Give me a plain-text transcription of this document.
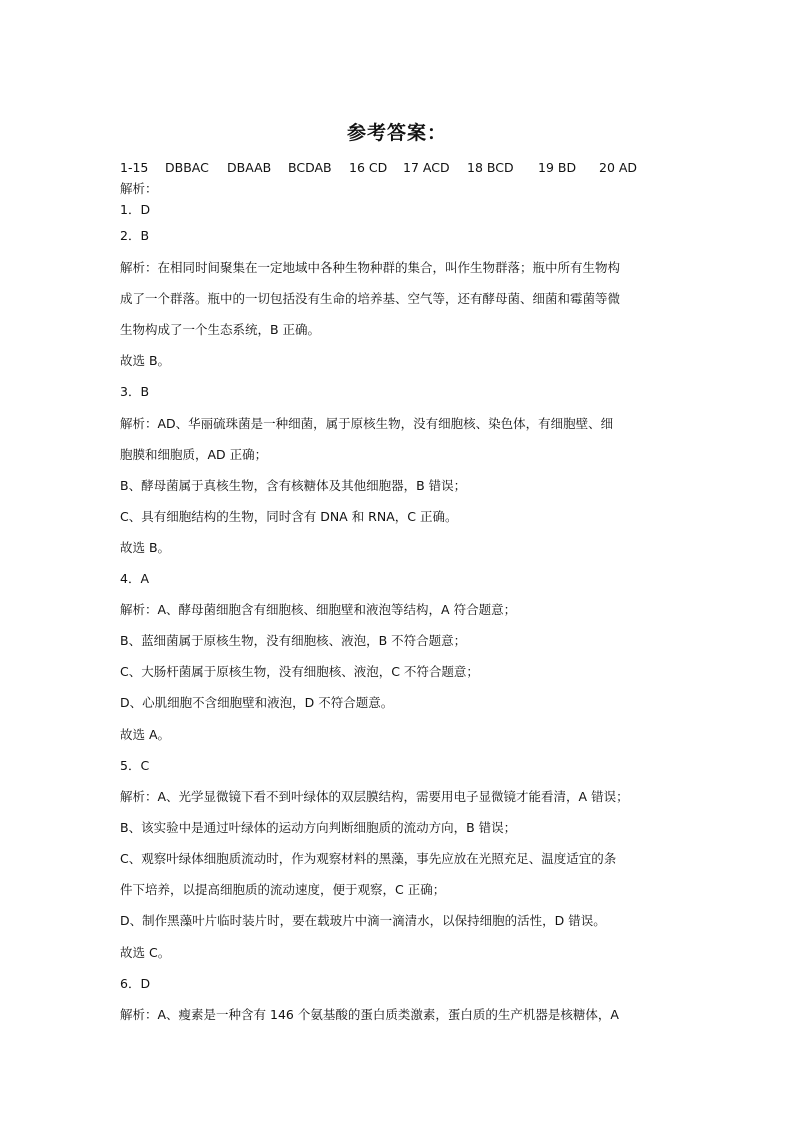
参考答案：
1-15 DBBAC DBAAB BCDAB 16 CD 17 ACD 18 BCD 19 BD 20 AD
解析：
1．D
2．B
解析：在相同时间聚集在一定地域中各种生物种群的集合，叫作生物群落；瓶中所有生物构
成了一个群落。瓶中的一切包括没有生命的培养基、空气等，还有酵母菌、细菌和霉菌等微
生物构成了一个生态系统，B 正确。
故选 B。
3．B
解析：AD、华丽硫珠菌是一种细菌，属于原核生物，没有细胞核、染色体，有细胞壁、细
胞膜和细胞质，AD 正确；
B、酵母菌属于真核生物，含有核糖体及其他细胞器，B 错误；
C、具有细胞结构的生物，同时含有 DNA 和 RNA，C 正确。
故选 B。
4．A
解析：A、酵母菌细胞含有细胞核、细胞壁和液泡等结构，A 符合题意；
B、蓝细菌属于原核生物，没有细胞核、液泡，B 不符合题意；
C、大肠杆菌属于原核生物，没有细胞核、液泡，C 不符合题意；
D、心肌细胞不含细胞壁和液泡，D 不符合题意。
故选 A。
5．C
解析：A、光学显微镜下看不到叶绿体的双层膜结构，需要用电子显微镜才能看清，A 错误；
B、该实验中是通过叶绿体的运动方向判断细胞质的流动方向，B 错误；
C、观察叶绿体细胞质流动时，作为观察材料的黑藻，事先应放在光照充足、温度适宜的条
件下培养，以提高细胞质的流动速度，便于观察，C 正确；
D、制作黑藻叶片临时装片时，要在载玻片中滴一滴清水，以保持细胞的活性，D 错误。
故选 C。
6．D
解析：A、瘦素是一种含有 146 个氨基酸的蛋白质类激素，蛋白质的生产机器是核糖体，A
